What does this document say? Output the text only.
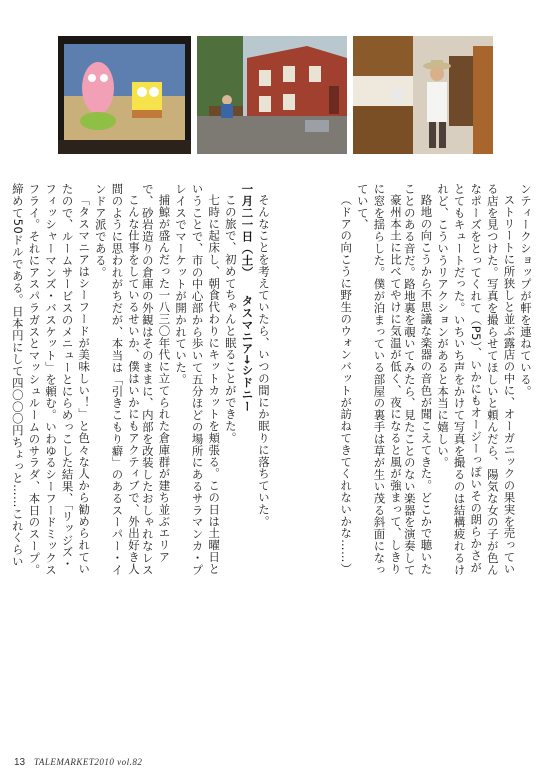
こんな仕事をしているせいか、僕はいかにもアクティブで、外出好き人間のように思われがちだが、本当は「引きこもり癖」のあるスーパー・インドア派である。

「タスマニアはシーフードが美味しい！」と色々な人から勧められていたので、ルームサービスのメニューとにらめっこした結果、「リッジズ・フィッシャーマンズ・バスケット」を頼む。いわゆるシーフードミックスフライ。それにアスパラガスとマッシュルームのサラダ、本日のスープ。締めて50ドルである。日本円にして四〇〇〇円ちょっと……これくらい

そんなことを考えていたら、いつの間にか眠りに落ちていた。

一月二一日（土）タスマニア→シドニー

この旅で、初めてちゃんと眠ることができた。

七時に起床し、朝食代わりにキットカットを頬張る。この日は土曜日ということで、市の中心部から歩いて五分ほどの場所にあるサラマンカ・プレイスでマーケットが開かれていた。

捕鯨が盛んだった一八三〇年代に立てられた倉庫群が建ち並ぶエリアで、砂岩造りの倉庫の外観はそのままに、内部を改装したおしゃれなレス	豪州本土に比べてやけに気温が低く、夜になると風が強まって、しきりに窓を揺らした。僕が泊まっている部屋の裏手は草が生い茂る斜面になっていて、

（ドアの向こうに野生のウォンバットが訪ねてきてくれないかな……）	ンティークショップが軒を連ねている。

ストリートに所狭しと並ぶ露店の中に、オーガニックの果実を売っている店を見つけた。写真を撮らせてほしいと頼んだら、陽気な女の子が色んなポーズをとってくれて（P5）、いかにもオージーっぽいその朗らかさがとてもキュートだった。いちいち声をかけて写真を撮るのは結構疲れるけれど、こういうリアクションがあると本当に嬉しい。

路地の向こうから不思議な楽器の音色が聞こえてきた。どこかで聴いたことのある音だ。路地裏を覗いてみたら、見たことのない楽器を演奏して

13 TALEMARKET2010 vol.82
